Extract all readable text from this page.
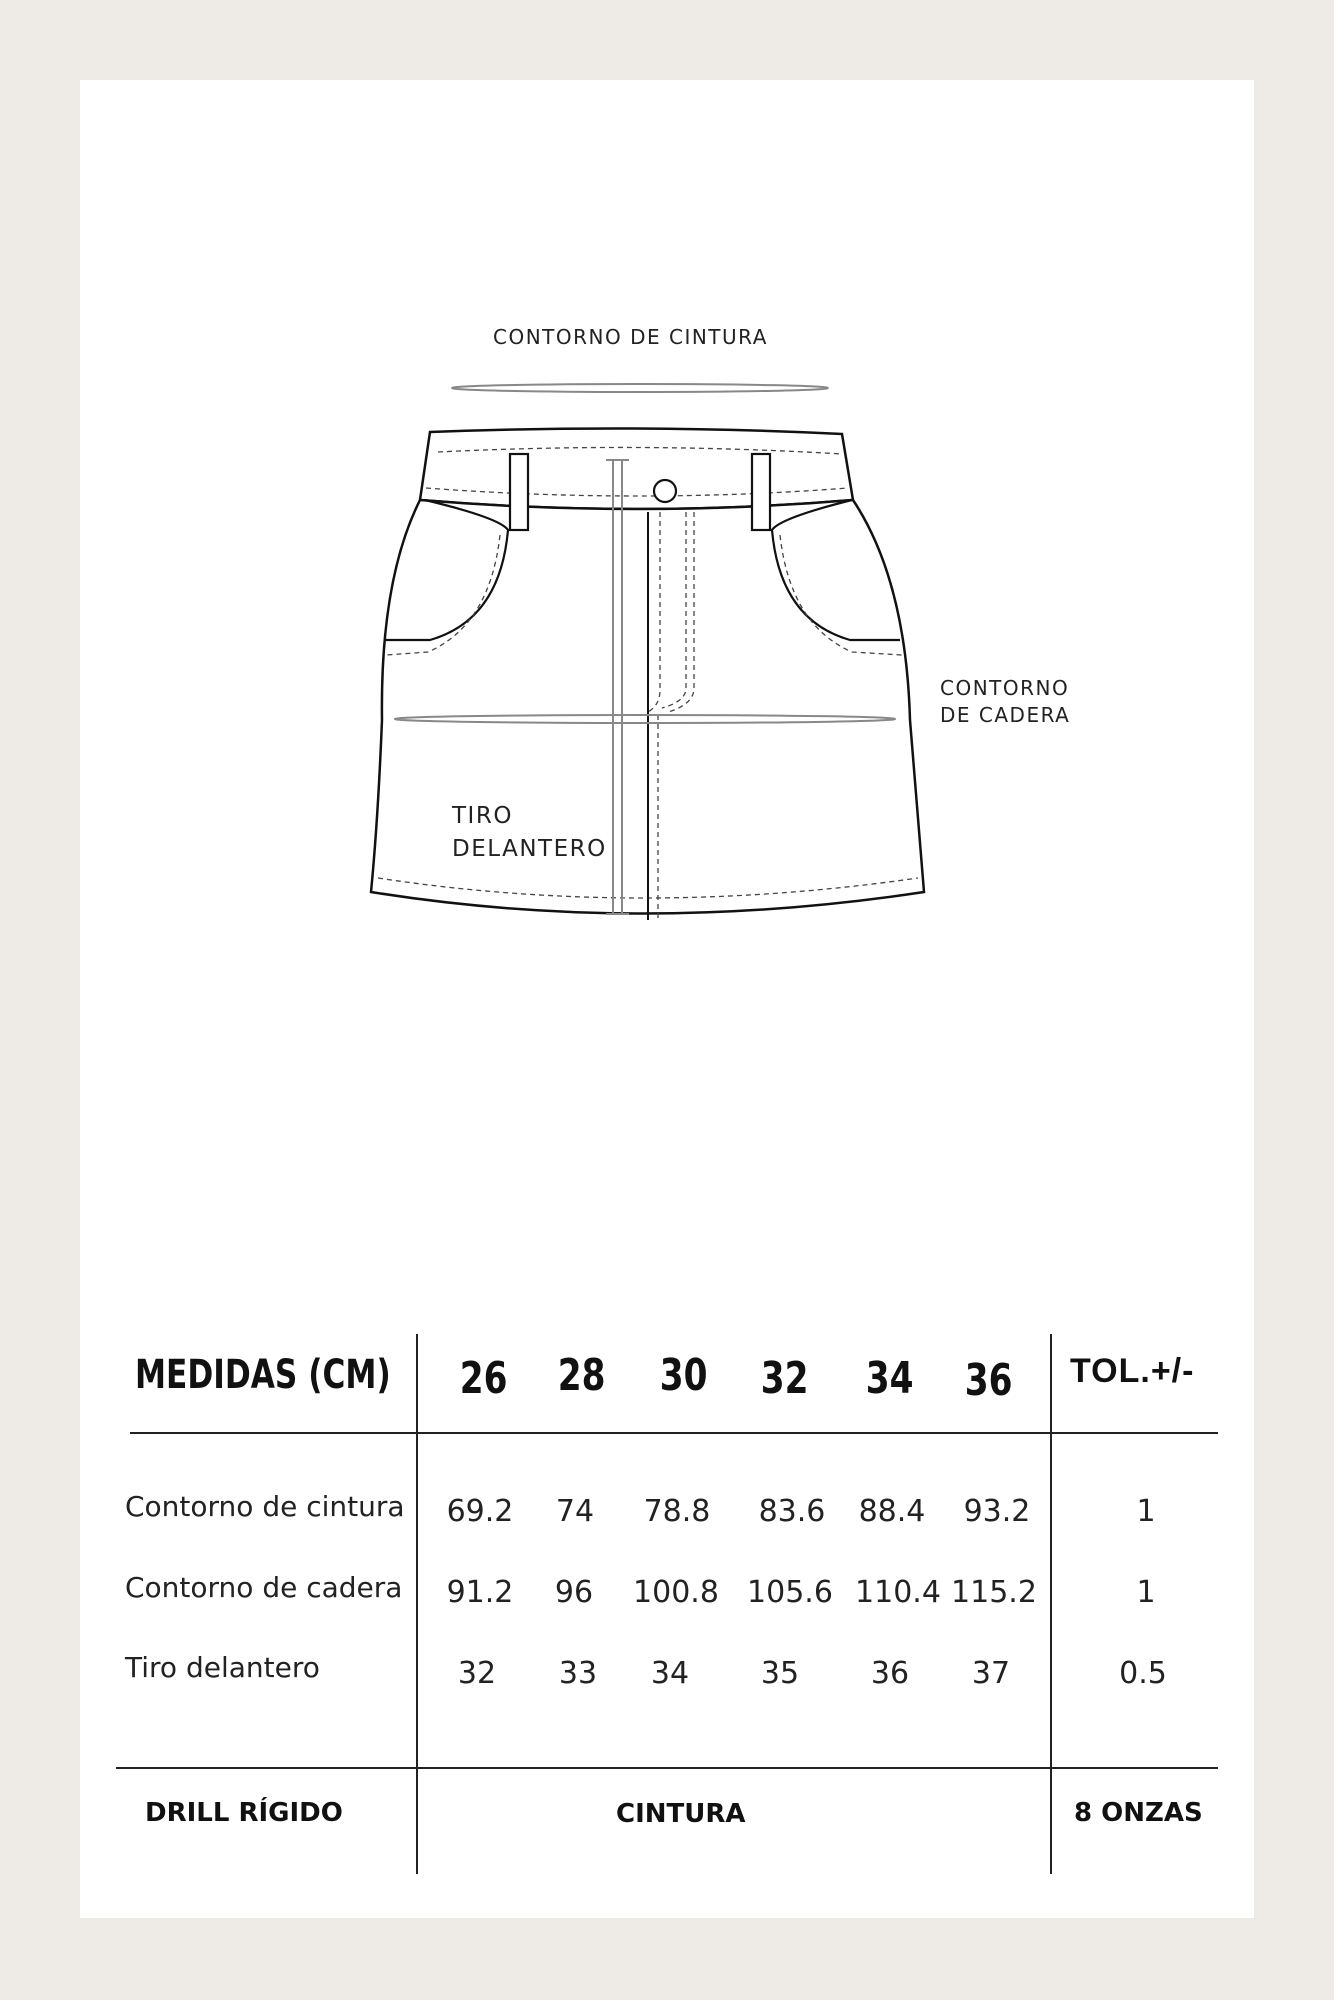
CONTORNO DE CINTURA
CONTORNO
DE CADERA
TIRO
DELANTERO
MEDIDAS (CM) 26 28 30 32 34 36 TOL.+/-
Contorno de cintura	69.2	74	78.8	83.6	88.4	93.2	1
Contorno de cadera	91.2	96	100.8 105.6 110.4 115.2	1
Tiro delantero	32	33	34	35	36	37	0.5
DRILL RÍGIDO	CINTURA	8 ONZAS
